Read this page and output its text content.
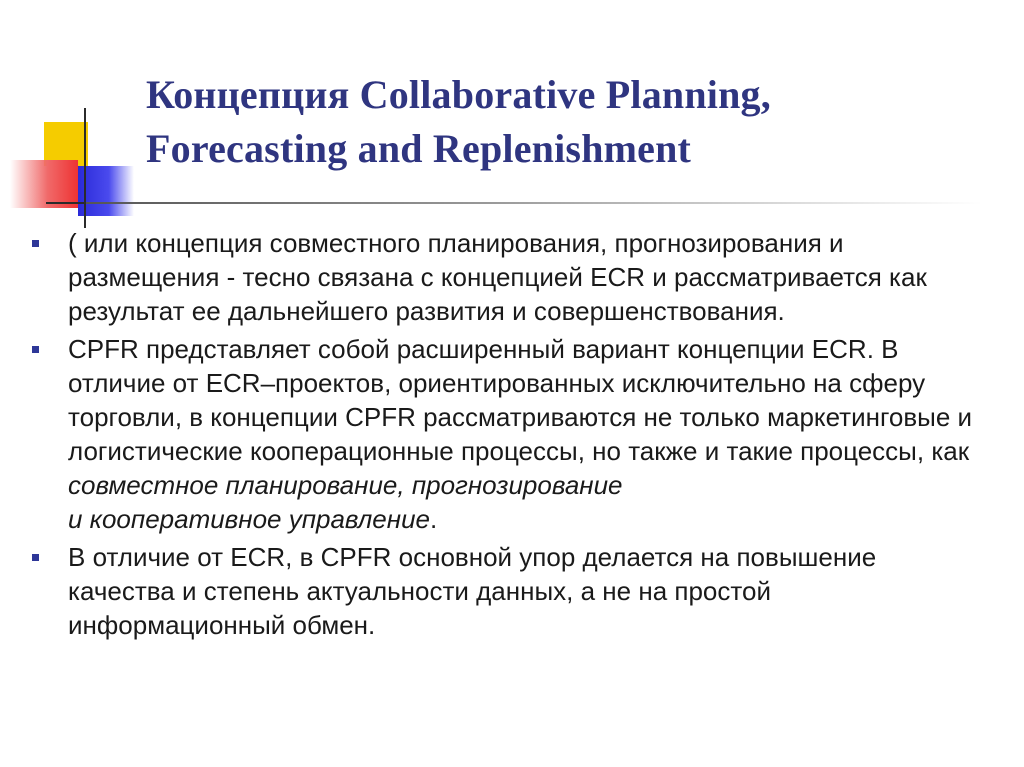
Концепция Collaborative Planning,
Forecasting and Replenishment
( или концепция совместного планирования, прогнозирования и размещения - тесно связана с концепцией ECR и рассматривается как результат ее дальнейшего развития и совершенствования.
CPFR представляет собой расширенный вариант концепции ECR. В отличие от ECR–проектов, ориентированных исключительно на сферу торговли, в концепции CPFR рассматриваются не только маркетинговые и логистические кооперационные процессы, но также и такие процессы, как
совместное планирование, прогнозирование
и кооперативное управление.
В отличие от ECR, в CPFR основной упор делается на повышение качества и степень актуальности данных, а не на простой информационный обмен.
